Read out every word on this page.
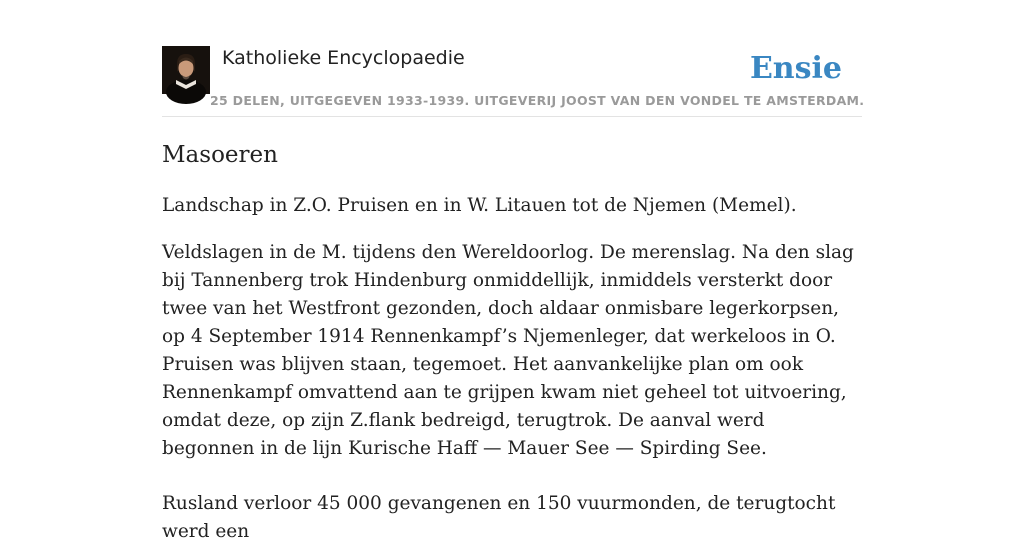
Katholieke Encyclopaedie	Ensie
25 DELEN, UITGEGEVEN 1933-1939. UITGEVERIJ JOOST VAN DEN VONDEL TE AMSTERDAM.
Masoeren

Landschap in Z.O. Pruisen en in W. Litauen tot de Njemen (Memel).

Veldslagen in de M. tijdens den Wereldoorlog. De merenslag. Na den slag bij Tannenberg trok Hindenburg onmiddellijk, inmiddels versterkt door twee van het Westfront gezonden, doch aldaar onmisbare legerkorpsen, op 4 September 1914 Rennenkampf’s Njemenleger, dat werkeloos in O. Pruisen was blijven staan, tegemoet. Het aanvankelijke plan om ook Rennenkampf omvattend aan te grijpen kwam niet geheel tot uitvoering, omdat deze, op zijn Z.flank bedreigd, terugtrok. De aanval werd begonnen in de lijn Kurische Haff — Mauer See — Spirding See.

Rusland verloor 45 000 gevangenen en 150 vuurmonden, de terugtocht werd een
